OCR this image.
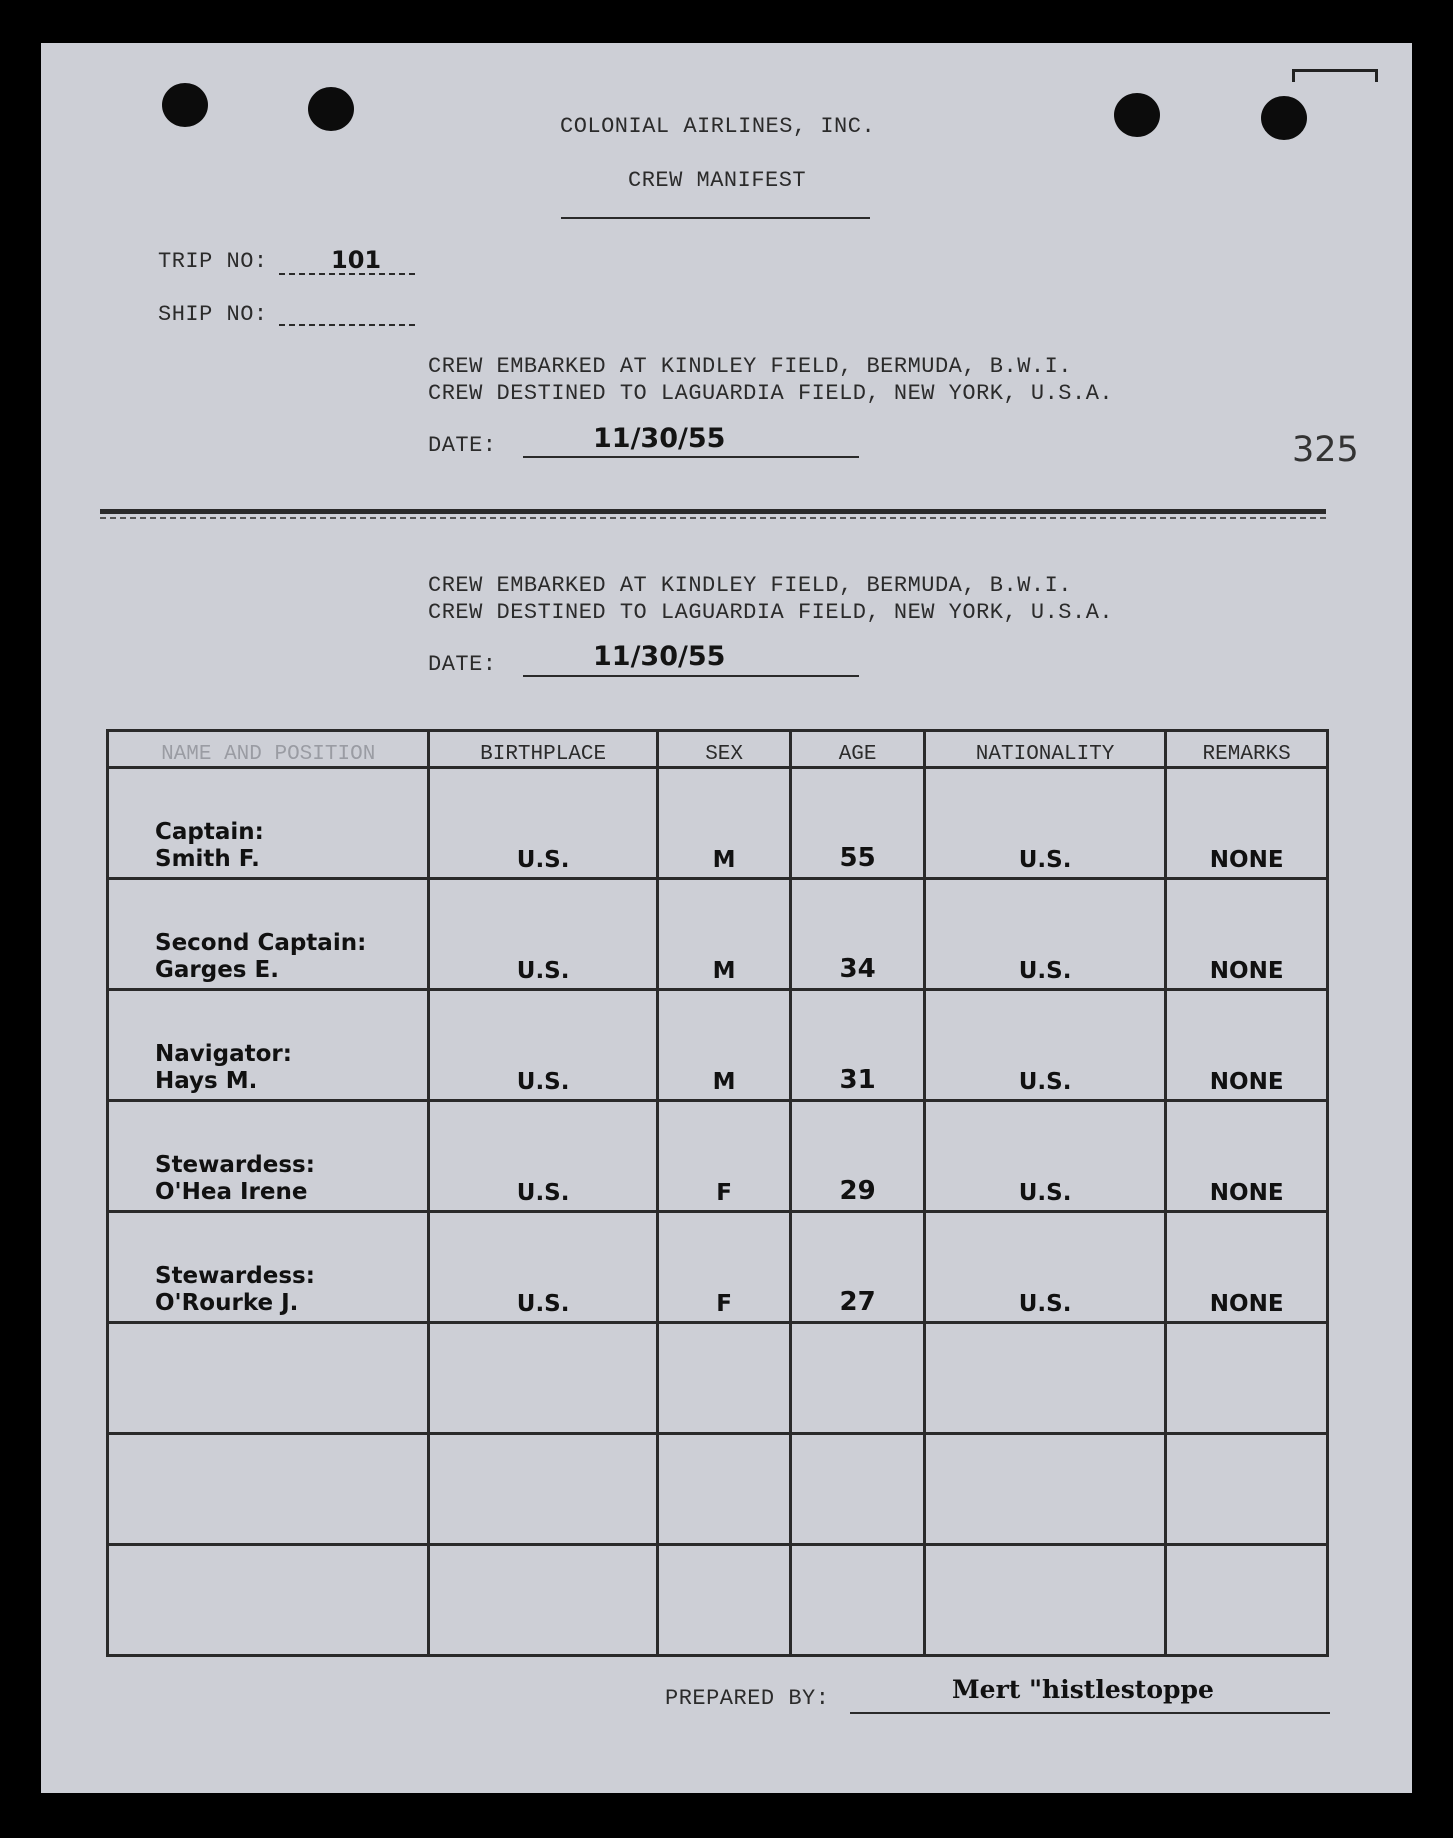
COLONIAL AIRLINES, INC.
CREW MANIFEST
TRIP NO:	101
SHIP NO:
CREW EMBARKED AT KINDLEY FIELD, BERMUDA, B.W.I.
CREW DESTINED TO LAGUARDIA FIELD, NEW YORK, U.S.A.
DATE:	11/30/55	325
CREW EMBARKED AT KINDLEY FIELD, BERMUDA, B.W.I.
CREW DESTINED TO LAGUARDIA FIELD, NEW YORK, U.S.A.
DATE:	11/30/55
NAME AND POSITION	BIRTHPLACE	SEX	AGE	NATIONALITY	REMARKS

Captain:
Smith F.	U.S.	M	55	U.S.	NONE

Second Captain:
Garges E.	U.S.	M	34	U.S.	NONE

Navigator:
Hays M.	U.S.	M	31	U.S.	NONE

Stewardess:
O'Hea Irene	U.S.	F	29	U.S.	NONE

Stewardess:
O'Rourke J.	U.S.	F	27	U.S.	NONE

PREPARED BY:	Mert "histlestoppe
